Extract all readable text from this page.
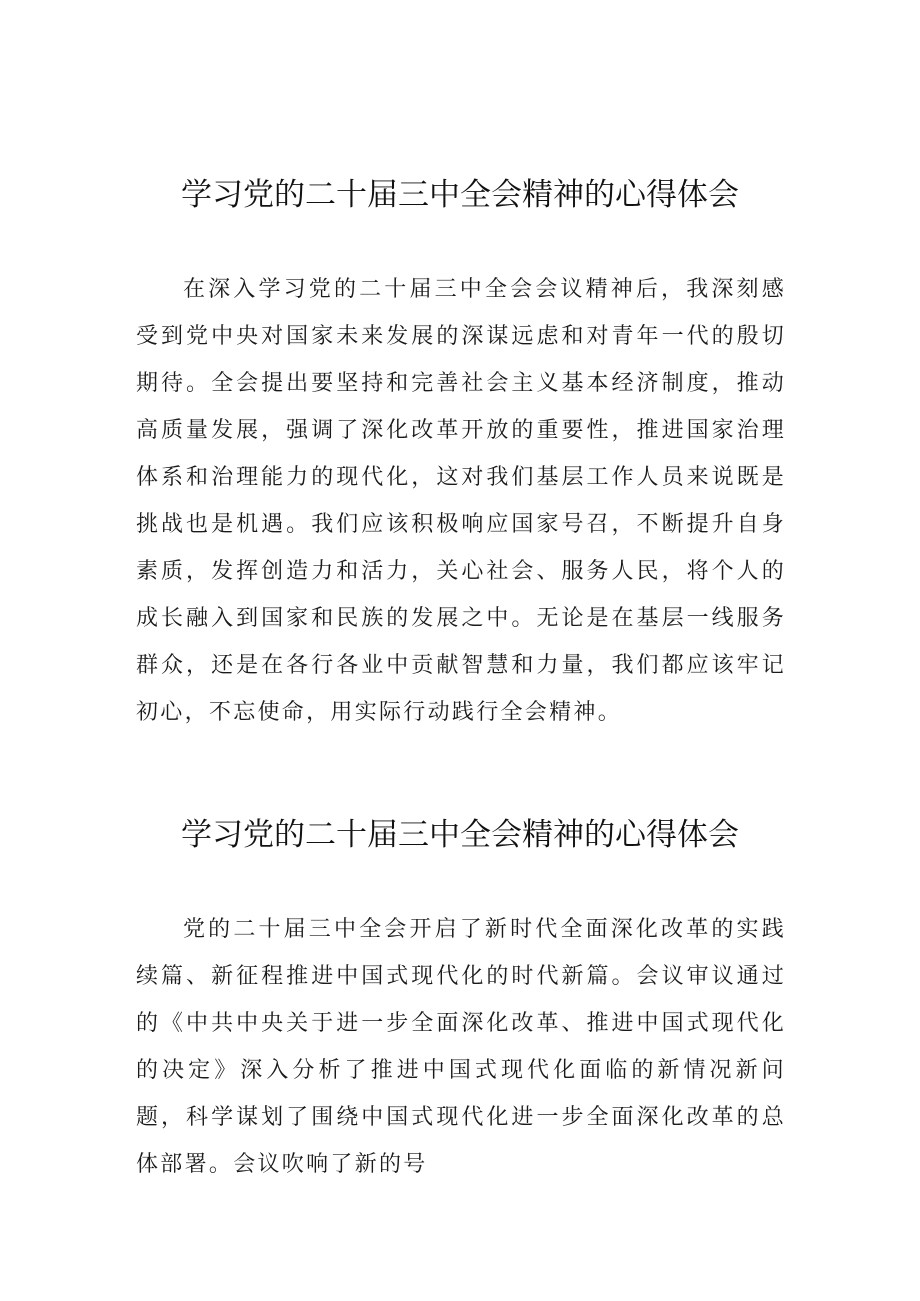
学习党的二十届三中全会精神的心得体会

在深入学习党的二十届三中全会会议精神后，我深刻感受到党中央对国家未来发展的深谋远虑和对青年一代的殷切期待。全会提出要坚持和完善社会主义基本经济制度，推动高质量发展，强调了深化改革开放的重要性，推进国家治理体系和治理能力的现代化，这对我们基层工作人员来说既是挑战也是机遇。我们应该积极响应国家号召，不断提升自身素质，发挥创造力和活力，关心社会、服务人民，将个人的成长融入到国家和民族的发展之中。无论是在基层一线服务群众，还是在各行各业中贡献智慧和力量，我们都应该牢记初心，不忘使命，用实际行动践行全会精神。

学习党的二十届三中全会精神的心得体会

党的二十届三中全会开启了新时代全面深化改革的实践续篇、新征程推进中国式现代化的时代新篇。会议审议通过的《中共中央关于进一步全面深化改革、推进中国式现代化的决定》深入分析了推进中国式现代化面临的新情况新问题，科学谋划了围绕中国式现代化进一步全面深化改革的总体部署。会议吹响了新的号
